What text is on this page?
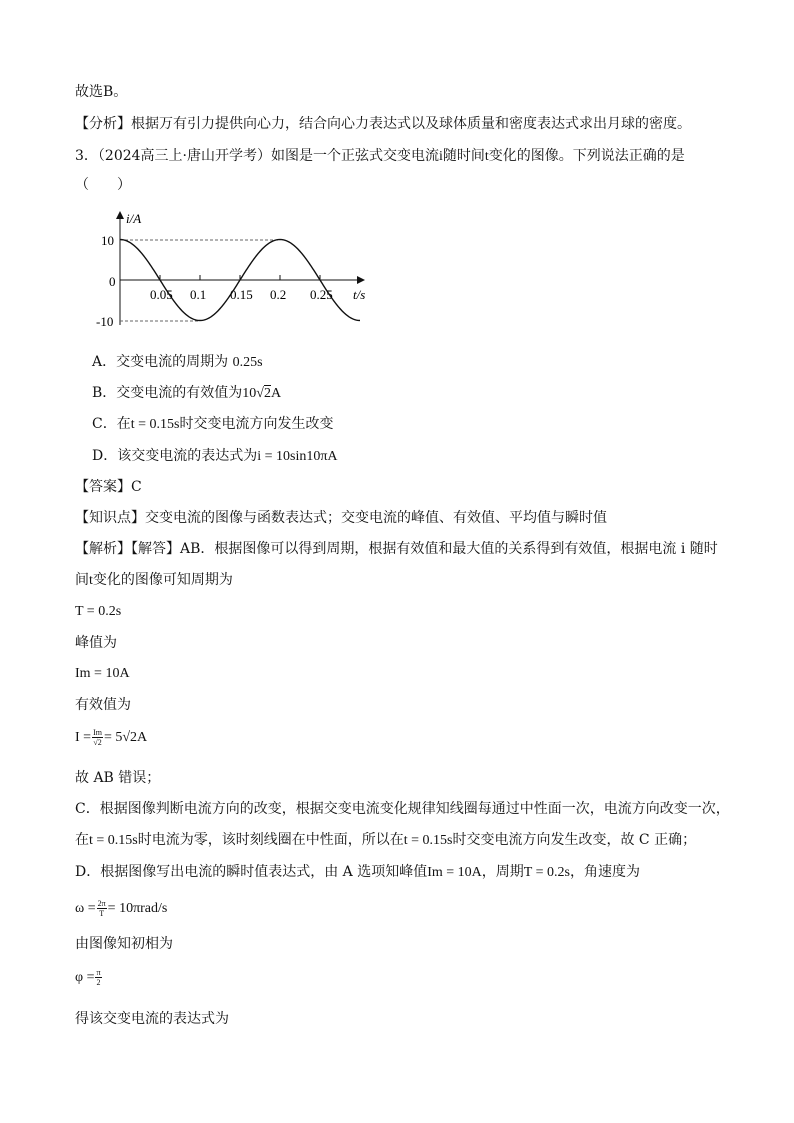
故选B。
【分析】根据万有引力提供向心力，结合向心力表达式以及球体质量和密度表达式求出月球的密度。
3．（2024高三上·唐山开学考）如图是一个正弦式交变电流i随时间t变化的图像。下列说法正确的是
（　　）
0.05 0.1 0.15 0.2 0.25
i/A
10
0
-10
t/s
A．交变电流的周期为 0.25s
B．交变电流的有效值为10√2A
C．在t = 0.15s时交变电流方向发生改变
D．该交变电流的表达式为i = 10sin10πA
【答案】C
【知识点】交变电流的图像与函数表达式；交变电流的峰值、有效值、平均值与瞬时值
【解析】【解答】AB．根据图像可以得到周期，根据有效值和最大值的关系得到有效值，根据电流 i 随时
间t变化的图像可知周期为
T = 0.2s
峰值为
Im = 10A
有效值为
$I = \frac{Im}{√2} = 5√2A$
故 AB 错误；
C．根据图像判断电流方向的改变，根据交变电流变化规律知线圈每通过中性面一次，电流方向改变一次，
在t = 0.15s时电流为零，该时刻线圈在中性面，所以在t = 0.15s时交变电流方向发生改变，故 C 正确；
D．根据图像写出电流的瞬时值表达式，由 A 选项知峰值Im = 10A，周期T = 0.2s，角速度为
$\omega = \frac{2\pi}{T} = 10\pi rad/s$
由图像知初相为
$\varphi = \frac{\pi}{2}$
得该交变电流的表达式为
